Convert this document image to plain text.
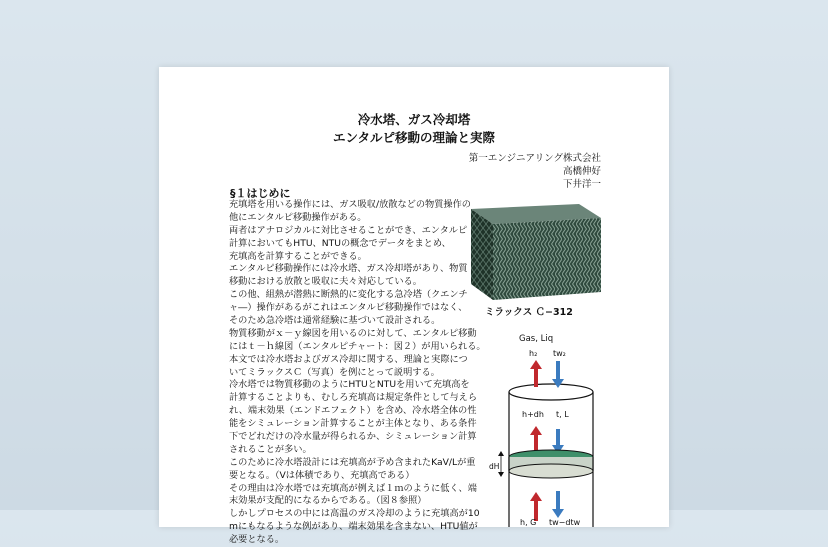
冷水塔、ガス冷却塔
エンタルピ移動の理論と実際
第一エンジニアリング株式会社
高橋伸好
下井洋一
§１はじめに
充填塔を用いる操作には、ガス吸収/放散などの物質操作の
他にエンタルピ移動操作がある。
両者はアナロジカルに対比させることができ、エンタルピ
計算においてもHTU、NTUの概念でデータをまとめ、
充填高を計算することができる。
エンタルピ移動操作には冷水塔、ガス冷却塔があり、物質
移動における放散と吸収に夫々対応している。
この他、組熱が潜熱に断熱的に変化する急冷塔（クエンチ
ャ―）操作があるがこれはエンタルピ移動操作ではなく、
そのため急冷塔は通常経験に基づいて設計される。
物質移動がｘ－ｙ線図を用いるのに対して、エンタルピ移動
にはｔ－ｈ線図（エンタルピチャート：図２）が用いられる。
本文では冷水塔およびガス冷却に関する、理論と実際につ
いてミラックスＣ（写真）を例にとって説明する。
冷水塔では物質移動のようにHTUとNTUを用いて充填高を
計算することよりも、むしろ充填高は規定条件として与えら
れ、端末効果（エンドエフェクト）を含め、冷水塔全体の性
能をシミュレーション計算することが主体となり、ある条件
下でどれだけの冷水量が得られるか、シミュレーション計算
されることが多い。
このために冷水塔設計には充填高が予め含まれたKaV/Lが重
要となる。（Vは体積であり、充填高である）
その理由は冷水塔では充填高が例えば１ｍのように低く、端
末効果が支配的になるからである。（図８参照）
しかしプロセスの中には高温のガス冷却のように充填高が10
mにもなるような例があり、端末効果を含まない、HTU値が
必要となる。
ミラックス Ｃ−312
Gas, Liq
h₂ tw₂
h+dh t, L
dH
h, G tw−dtw
